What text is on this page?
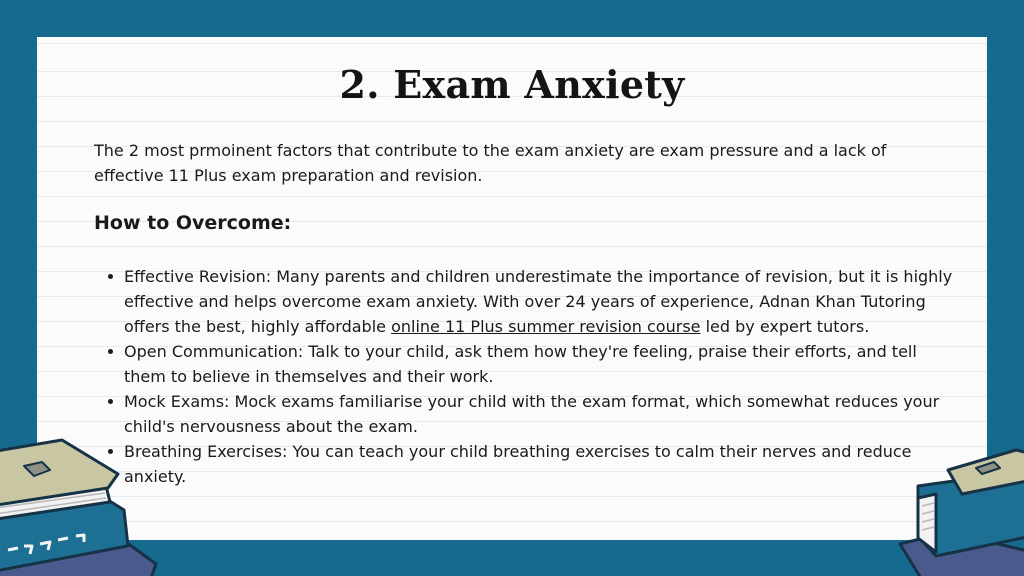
2. Exam Anxiety

The 2 most prmoinent factors that contribute to the exam anxiety are exam pressure and a lack of effective 11 Plus exam preparation and revision.

How to Overcome:
Effective Revision: Many parents and children underestimate the importance of revision, but it is highly effective and helps overcome exam anxiety. With over 24 years of experience, Adnan Khan Tutoring offers the best, highly affordable online 11 Plus summer revision course led by expert tutors.
Open Communication: Talk to your child, ask them how they're feeling, praise their efforts, and tell them to believe in themselves and their work.
Mock Exams: Mock exams familiarise your child with the exam format, which somewhat reduces your child's nervousness about the exam.
Breathing Exercises: You can teach your child breathing exercises to calm their nerves and reduce anxiety.
